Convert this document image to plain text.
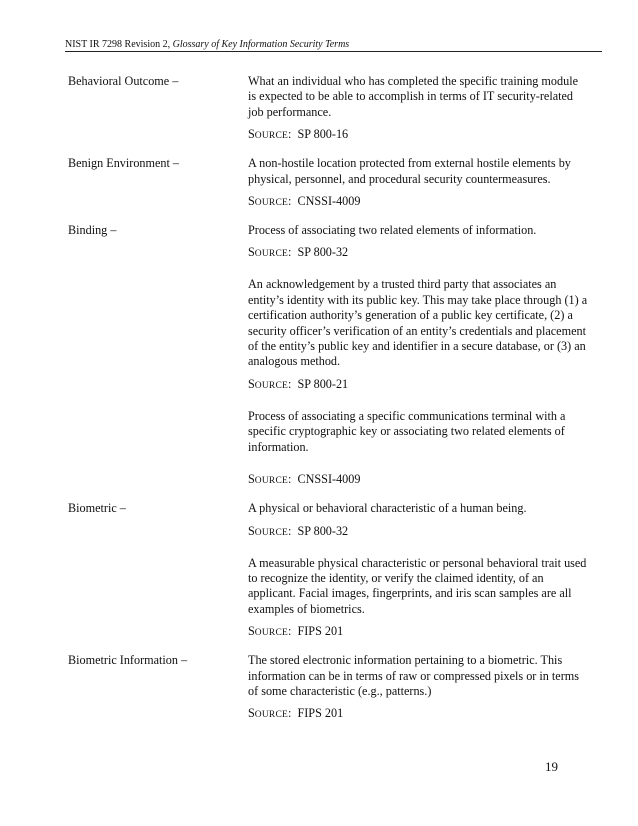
NIST IR 7298 Revision 2, Glossary of Key Information Security Terms
Behavioral Outcome –	What an individual who has completed the specific training module is expected to be able to accomplish in terms of IT security-related job performance.

SOURCE: SP 800-16

Benign Environment –	A non-hostile location protected from external hostile elements by physical, personnel, and procedural security countermeasures.

SOURCE: CNSSI-4009

Binding –	Process of associating two related elements of information.

SOURCE: SP 800-32

An acknowledgement by a trusted third party that associates an entity’s identity with its public key. This may take place through (1) a certification authority’s generation of a public key certificate, (2) a security officer’s verification of an entity’s credentials and placement of the entity’s public key and identifier in a secure database, or (3) an analogous method.

SOURCE: SP 800-21

Process of associating a specific communications terminal with a specific cryptographic key or associating two related elements of information.

SOURCE: CNSSI-4009

Biometric –	A physical or behavioral characteristic of a human being.

SOURCE: SP 800-32

A measurable physical characteristic or personal behavioral trait used to recognize the identity, or verify the claimed identity, of an applicant. Facial images, fingerprints, and iris scan samples are all examples of biometrics.

SOURCE: FIPS 201

Biometric Information –	The stored electronic information pertaining to a biometric. This information can be in terms of raw or compressed pixels or in terms of some characteristic (e.g., patterns.)

SOURCE: FIPS 201

19
